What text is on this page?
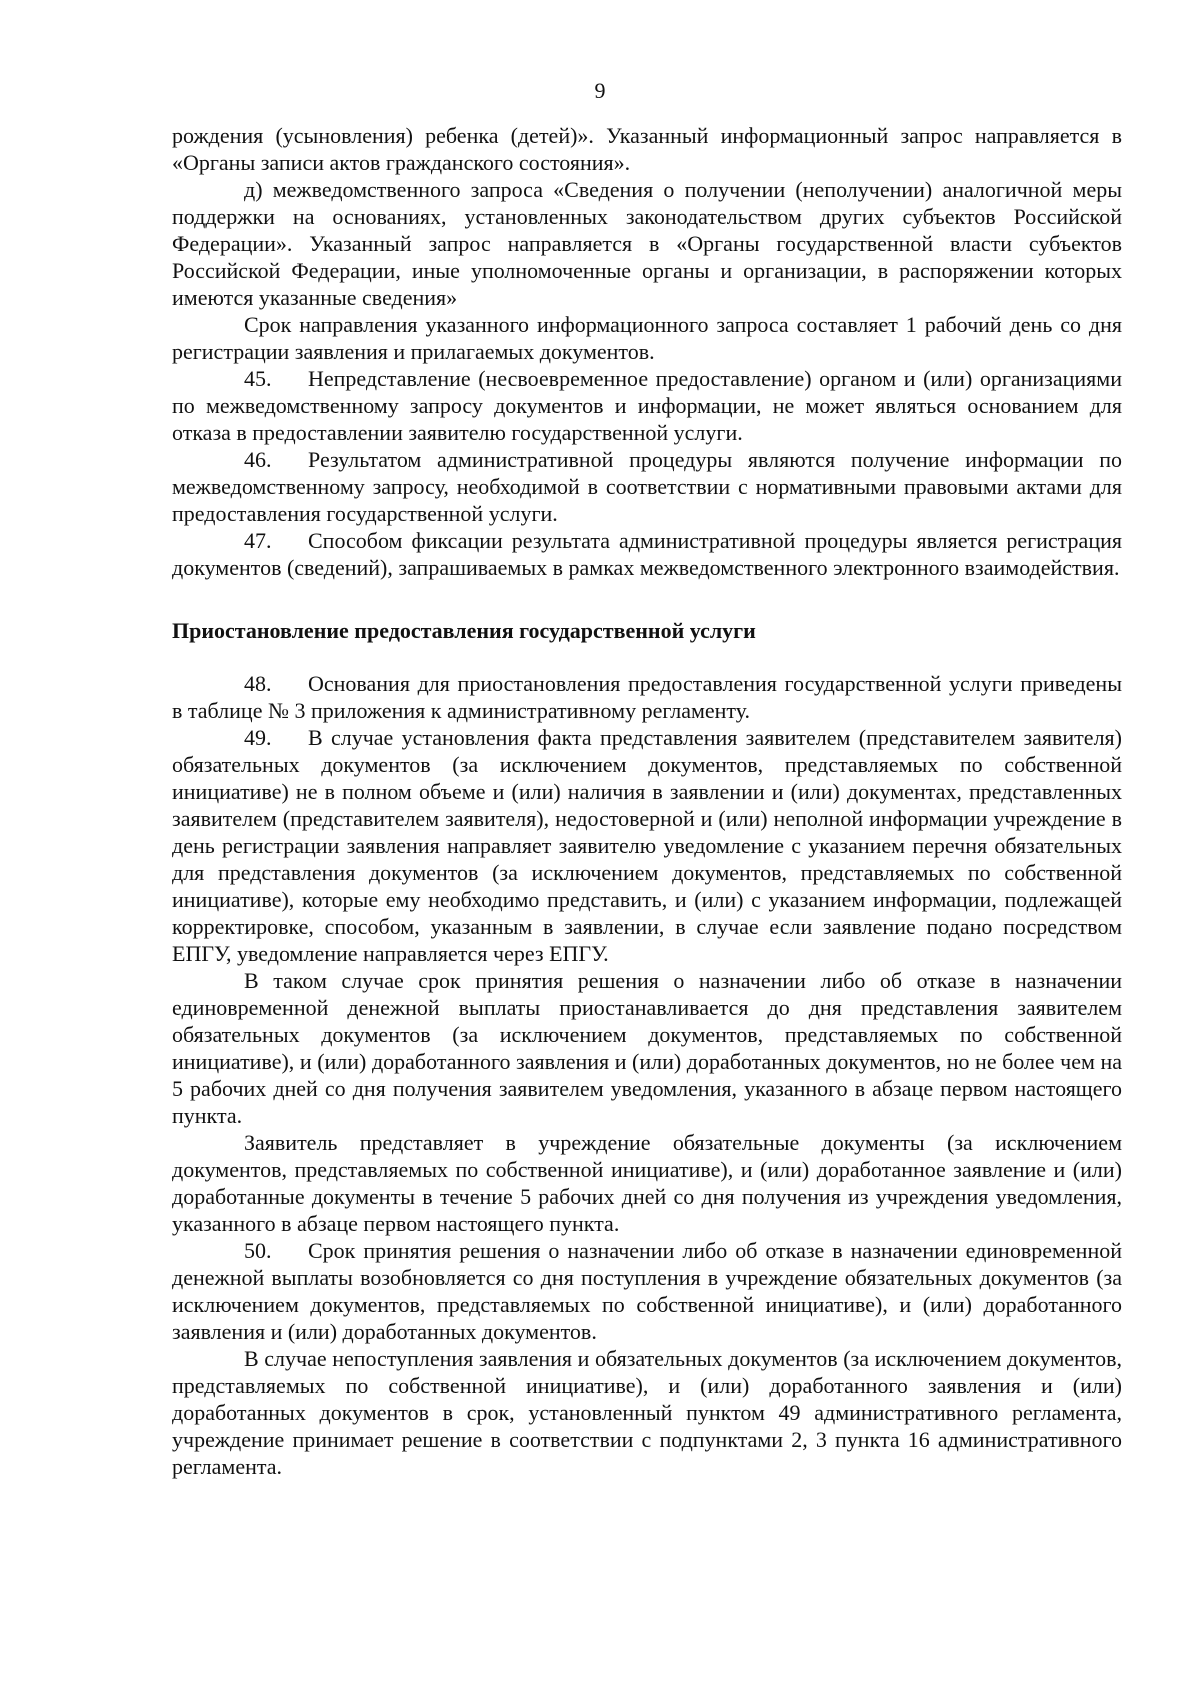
9

рождения (усыновления) ребенка (детей)». Указанный информационный запрос направляется в «Органы записи актов гражданского состояния».

д) межведомственного запроса «Сведения о получении (неполучении) аналогичной меры поддержки на основаниях, установленных законодательством других субъектов Российской Федерации». Указанный запрос направляется в «Органы государственной власти субъектов Российской Федерации, иные уполномоченные органы и организации, в распоряжении которых имеются указанные сведения»

Срок направления указанного информационного запроса составляет 1 рабочий день со дня регистрации заявления и прилагаемых документов.

45. Непредставление (несвоевременное предоставление) органом и (или) организациями по межведомственному запросу документов и информации, не может являться основанием для отказа в предоставлении заявителю государственной услуги.

46. Результатом административной процедуры являются получение информации по межведомственному запросу, необходимой в соответствии с нормативными правовыми актами для предоставления государственной услуги.

47. Способом фиксации результата административной процедуры является регистрация документов (сведений), запрашиваемых в рамках межведомственного электронного взаимодействия.

Приостановление предоставления государственной услуги

48. Основания для приостановления предоставления государственной услуги приведены в таблице № 3 приложения к административному регламенту.

49. В случае установления факта представления заявителем (представителем заявителя) обязательных документов (за исключением документов, представляемых по собственной инициативе) не в полном объеме и (или) наличия в заявлении и (или) документах, представленных заявителем (представителем заявителя), недостоверной и (или) неполной информации учреждение в день регистрации заявления направляет заявителю уведомление с указанием перечня обязательных для представления документов (за исключением документов, представляемых по собственной инициативе), которые ему необходимо представить, и (или) с указанием информации, подлежащей корректировке, способом, указанным в заявлении, в случае если заявление подано посредством ЕПГУ, уведомление направляется через ЕПГУ.

В таком случае срок принятия решения о назначении либо об отказе в назначении единовременной денежной выплаты приостанавливается до дня представления заявителем обязательных документов (за исключением документов, представляемых по собственной инициативе), и (или) доработанного заявления и (или) доработанных документов, но не более чем на 5 рабочих дней со дня получения заявителем уведомления, указанного в абзаце первом настоящего пункта.

Заявитель представляет в учреждение обязательные документы (за исключением документов, представляемых по собственной инициативе), и (или) доработанное заявление и (или) доработанные документы в течение 5 рабочих дней со дня получения из учреждения уведомления, указанного в абзаце первом настоящего пункта.

50. Срок принятия решения о назначении либо об отказе в назначении единовременной денежной выплаты возобновляется со дня поступления в учреждение обязательных документов (за исключением документов, представляемых по собственной инициативе), и (или) доработанного заявления и (или) доработанных документов.

В случае непоступления заявления и обязательных документов (за исключением документов, представляемых по собственной инициативе), и (или) доработанного заявления и (или) доработанных документов в срок, установленный пунктом 49 административного регламента, учреждение принимает решение в соответствии с подпунктами 2, 3 пункта 16 административного регламента.
